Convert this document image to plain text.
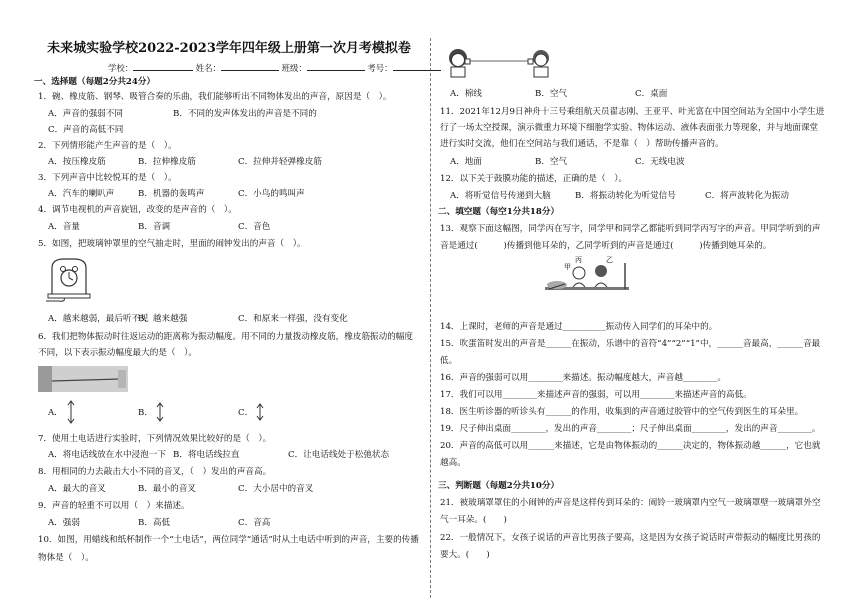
未来城实验学校2022-2023学年四年级上册第一次月考模拟卷
学校：	姓名：	班级：	考号：
一、选择题（每题2分共24分）
1．碗、橡皮筋、钢琴、吸管合奏的乐曲，我们能够听出不同物体发出的声音，原因是（　）。
A．声音的强弱不同	B．不同的发声体发出的声音是不同的
C．声音的高低不同
2．下列情形能产生声音的是（　）。
A．按压橡皮筋	B．拉伸橡皮筋	C．拉伸并轻弹橡皮筋
3．下列声音中比较悦耳的是（　）。
A．汽车的喇叭声	B．机器的轰鸣声	C．小鸟的鸣叫声
4．调节电视机的声音旋钮，改变的是声音的（　）。
A．音量	B．音调	C．音色
5．如图，把玻璃钟罩里的空气抽走时，里面的闹钟发出的声音（　）。
A．越来越弱，最后听不见
B．越来越强	C．和原来一样强，没有变化
6．我们把物体振动时往返运动的距离称为振动幅度。用不同的力量拨动橡皮筋，橡皮筋振动的幅度
不同，以下表示振动幅度最大的是（　）。
A．	B．	C．
7．使用土电话进行实验时，下列情况效果比较好的是（　）。
A．将电话线放在水中浸泡一下 B．将电话线拉直	C．让电话线处于松弛状态
8．用相同的力去敲击大小不同的音叉，（　）发出的声音高。
A．最大的音叉	B．最小的音叉	C．大小居中的音叉
9．声音的轻重不可以用（　）来描述。
A．强弱	B．高低	C．音高
10．如图，用蜡线和纸杯制作一个“土电话”，两位同学“通话”时从土电话中听到的声音，主要的传播
物体是（　）。
A．棉线	B．空气	C．桌面
11．2021年12月9日神舟十三号乘组航天员翟志刚、王亚平、叶光富在中国空间站为全国中小学生进
行了一场太空授课，演示微重力环境下细胞学实验、物体运动、液体表面张力等现象，并与地面课堂
进行实时交流，他们在空间站与我们通话，不是靠（　）帮助传播声音的。
A．地面	B．空气	C．无线电波
12．以下关于鼓膜功能的描述，正确的是（　）。
A．将听觉信号传递到大脑	B．将振动转化为听觉信号	C．将声波转化为振动
二、填空题（每空1分共18分）
13．观察下面这幅图，同学丙在写字，同学甲和同学乙都能听到同学丙写字的声音。甲同学听到的声
音是通过(　　　)传播到他耳朵的，乙同学听到的声音是通过(　　　)传播到她耳朵的。
丙
甲
乙
14．上课时，老师的声音是通过__________振动传入同学们的耳朵中的。
15．吹蛋笛时发出的声音是______在振动，乐谱中的音符“4”“2”“1”中，______音最高，______音最
低。
16．声音的强弱可以用________来描述。振动幅度越大，声音越________。
17．我们可以用________来描述声音的强弱，可以用________来描述声音的高低。
18．医生听诊器的听诊头有______的作用，收集到的声音通过胶管中的空气传到医生的耳朵里。
19．尺子伸出桌面________，发出的声音________；尺子伸出桌面________，发出的声音________。
20．声音的高低可以用______来描述，它是由物体振动的______决定的，物体振动越______，它也就
越高。
三、判断题（每题2分共10分）
21．被玻璃罩罩住的小闹钟的声音是这样传到耳朵的：闹铃一玻璃罩内空气一玻璃罩壁一玻璃罩外空
气一耳朵。(　　)
22．一般情况下，女孩子说话的声音比男孩子要高，这是因为女孩子说话时声带振动的幅度比男孩的
要大。(　　)
